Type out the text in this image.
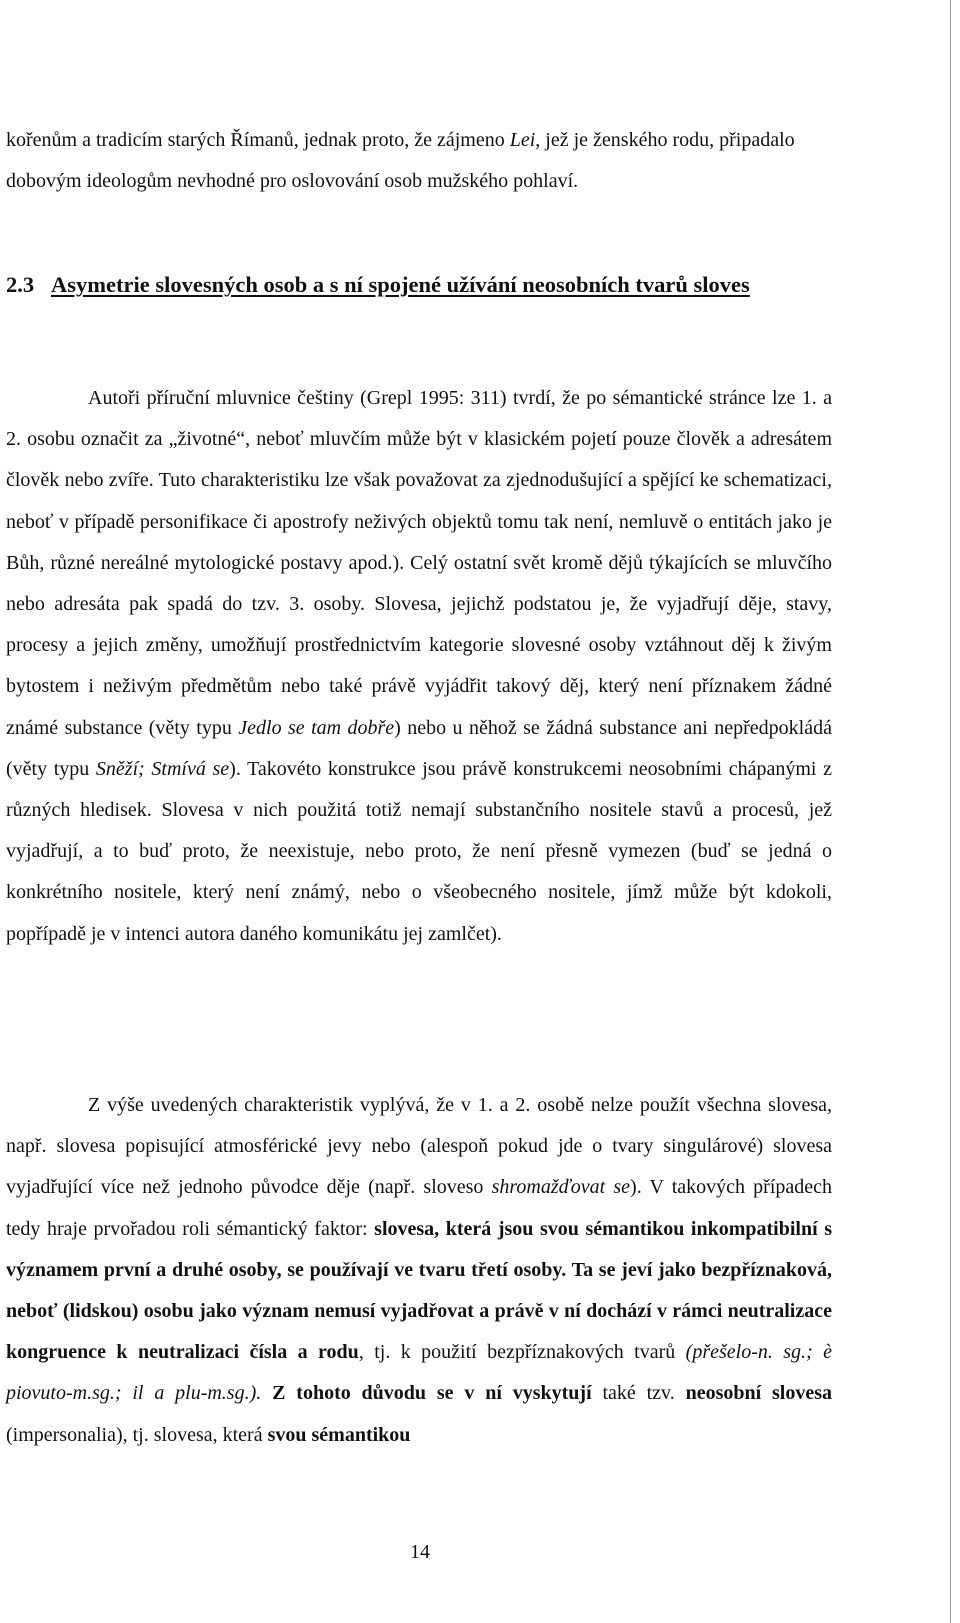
kořenům a tradicím starých Římanů, jednak proto, že zájmeno Lei, jež je ženského rodu, připadalo dobovým ideologům nevhodné pro oslovování osob mužského pohlaví.

2.3 Asymetrie slovesných osob a s ní spojené užívání neosobních tvarů sloves

Autoři příruční mluvnice češtiny (Grepl 1995: 311) tvrdí, že po sémantické stránce lze 1. a 2. osobu označit za „životné“, neboť mluvčím může být v klasickém pojetí pouze člověk a adresátem člověk nebo zvíře. Tuto charakteristiku lze však považovat za zjednodušující a spějící ke schematizaci, neboť v případě personifikace či apostrofy neživých objektů tomu tak není, nemluvě o entitách jako je Bůh, různé nereálné mytologické postavy apod.). Celý ostatní svět kromě dějů týkajících se mluvčího nebo adresáta pak spadá do tzv. 3. osoby. Slovesa, jejichž podstatou je, že vyjadřují děje, stavy, procesy a jejich změny, umožňují prostřednictvím kategorie slovesné osoby vztáhnout děj k živým bytostem i neživým předmětům nebo také právě vyjádřit takový děj, který není příznakem žádné známé substance (věty typu Jedlo se tam dobře) nebo u něhož se žádná substance ani nepředpokládá (věty typu Sněží; Stmívá se). Takovéto konstrukce jsou právě konstrukcemi neosobními chápanými z různých hledisek. Slovesa v nich použitá totiž nemají substančního nositele stavů a procesů, jež vyjadřují, a to buď proto, že neexistuje, nebo proto, že není přesně vymezen (buď se jedná o konkrétního nositele, který není známý, nebo o všeobecného nositele, jímž může být kdokoli, popřípadě je v intenci autora daného komunikátu jej zamlčet).

Z výše uvedených charakteristik vyplývá, že v 1. a 2. osobě nelze použít všechna slovesa, např. slovesa popisující atmosférické jevy nebo (alespoň pokud jde o tvary singulárové) slovesa vyjadřující více než jednoho původce děje (např. sloveso shromažďovat se). V takových případech tedy hraje prvořadou roli sémantický faktor: slovesa, která jsou svou sémantikou inkompatibilní s významem první a druhé osoby, se používají ve tvaru třetí osoby. Ta se jeví jako bezpříznaková, neboť (lidskou) osobu jako význam nemusí vyjadřovat a právě v ní dochází v rámci neutralizace kongruence k neutralizaci čísla a rodu, tj. k použití bezpříznakových tvarů (přešelo-n. sg.; è piovuto-m.sg.; il a plu-m.sg.). Z tohoto důvodu se v ní vyskytují také tzv. neosobní slovesa (impersonalia), tj. slovesa, která svou sémantikou

14
